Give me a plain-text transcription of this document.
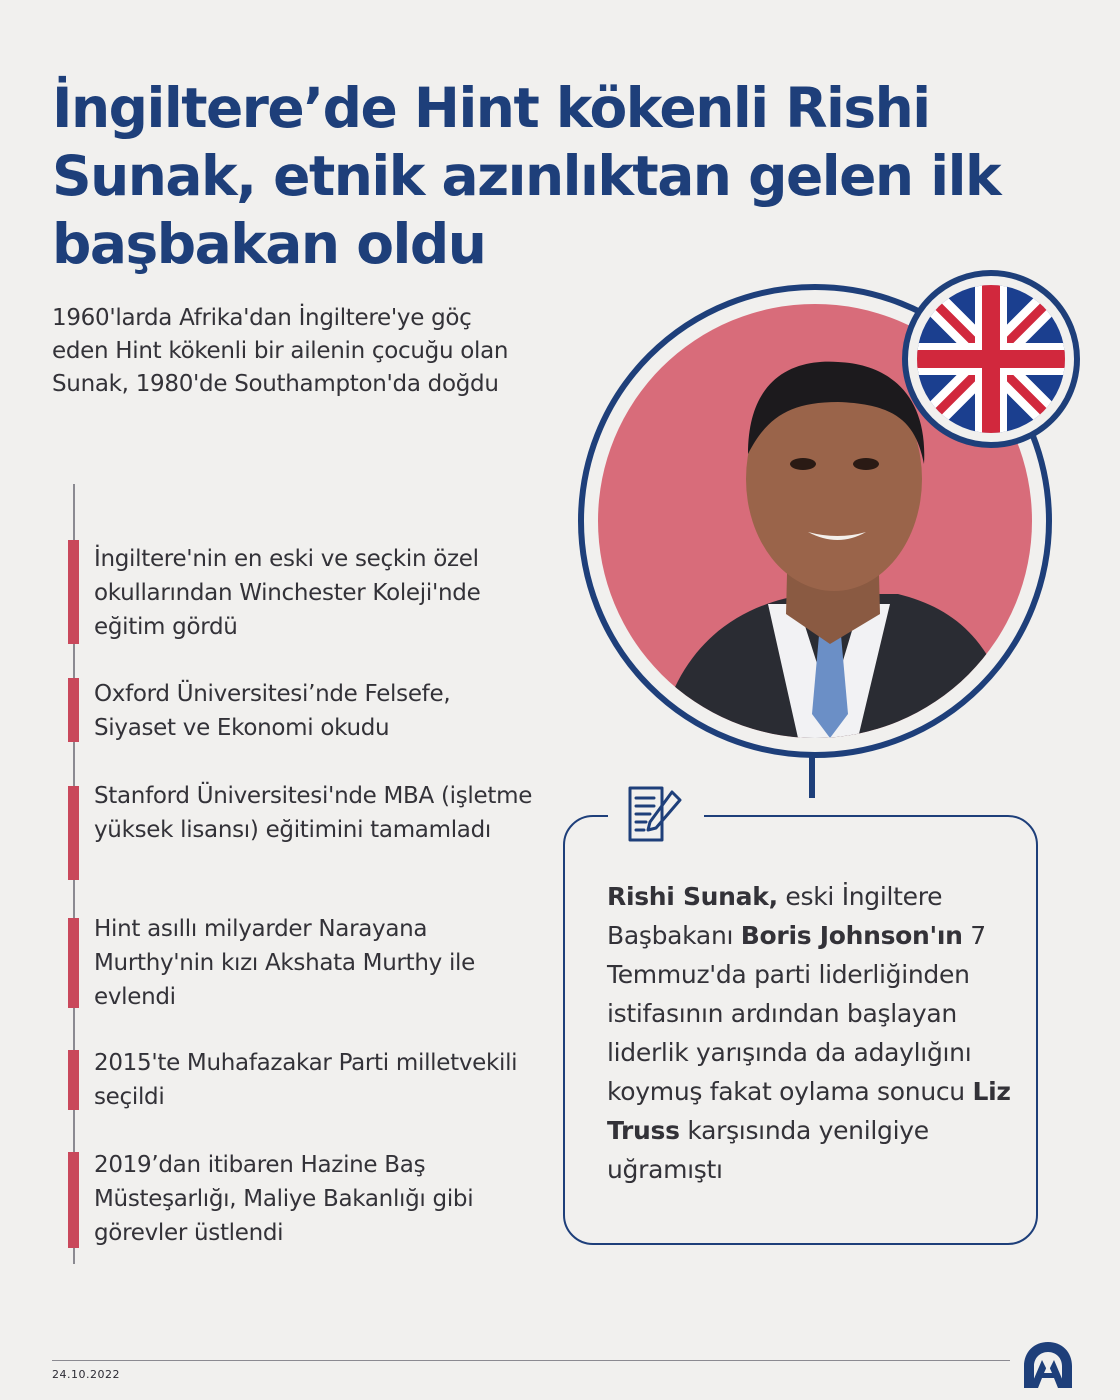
İngiltere’de Hint kökenli Rishi Sunak, etnik azınlıktan gelen ilk başbakan oldu

1960'larda Afrika'dan İngiltere'ye göç eden Hint kökenli bir ailenin çocuğu olan Sunak, 1980'de Southampton'da doğdu

İngiltere'nin en eski ve seçkin özel okullarından Winchester Koleji'nde eğitim gördü
Oxford Üniversitesi’nde Felsefe, Siyaset ve Ekonomi okudu
Stanford Üniversitesi'nde MBA (işletme yüksek lisansı) eğitimini tamamladı
Hint asıllı milyarder Narayana Murthy'nin kızı Akshata Murthy ile evlendi
2015'te Muhafazakar Parti milletvekili seçildi
2019’dan itibaren Hazine Baş Müsteşarlığı, Maliye Bakanlığı gibi görevler üstlendi

Rishi Sunak, eski İngiltere Başbakanı Boris Johnson'ın 7 Temmuz'da parti liderliğinden istifasının ardından başlayan liderlik yarışında da adaylığını koymuş fakat oylama sonucu Liz Truss karşısında yenilgiye uğramıştı

24.10.2022
